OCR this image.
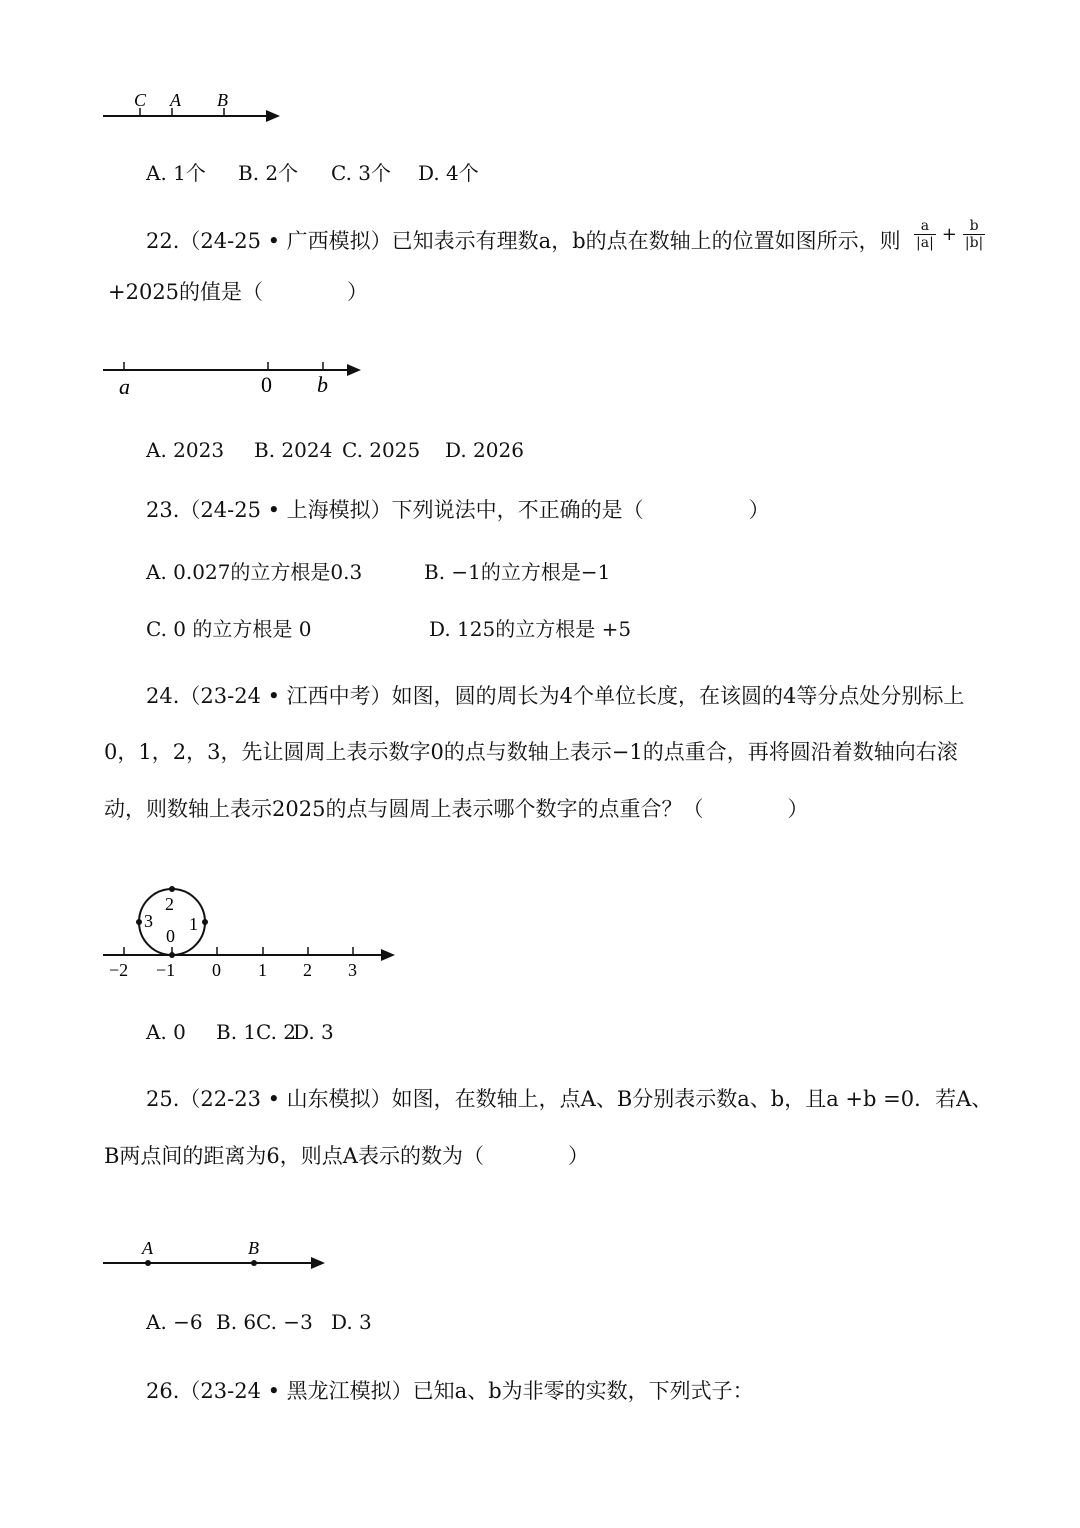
C A B
A. 1个 B. 2个 C. 3个 D. 4个
22.（24-25 • 广西模拟）已知表示有理数a，b的点在数轴上的位置如图所示，则 $\frac{a}{|a|} + \frac{b}{|b|}$
+2025的值是（　　　　）
a	0 b
A. 2023 B. 2024 C. 2025 D. 2026
23.（24-25 • 上海模拟）下列说法中，不正确的是（　　　　　）
A. 0.027的立方根是0.3	B. −1的立方根是−1
C. 0 的立方根是 0	D. 125的立方根是 +5
24.（23-24 • 江西中考）如图，圆的周长为4个单位长度，在该圆的4等分点处分别标上
0，1，2，3，先让圆周上表示数字0的点与数轴上表示−1的点重合，再将圆沿着数轴向右滚
动，则数轴上表示2025的点与圆周上表示哪个数字的点重合？（　　　　）
2
3
0
1
−2 −1 0 1 2 3
A. 0 B. 1 C. 2
D. 3
25.（22-23 • 山东模拟）如图，在数轴上，点A、B分别表示数a、b，且a +b =0．若A、
B两点间的距离为6，则点A表示的数为（　　　　）
A	B
A. −6 B. 6 C. −3 D. 3
26.（23-24 • 黑龙江模拟）已知a、b为非零的实数，下列式子：
